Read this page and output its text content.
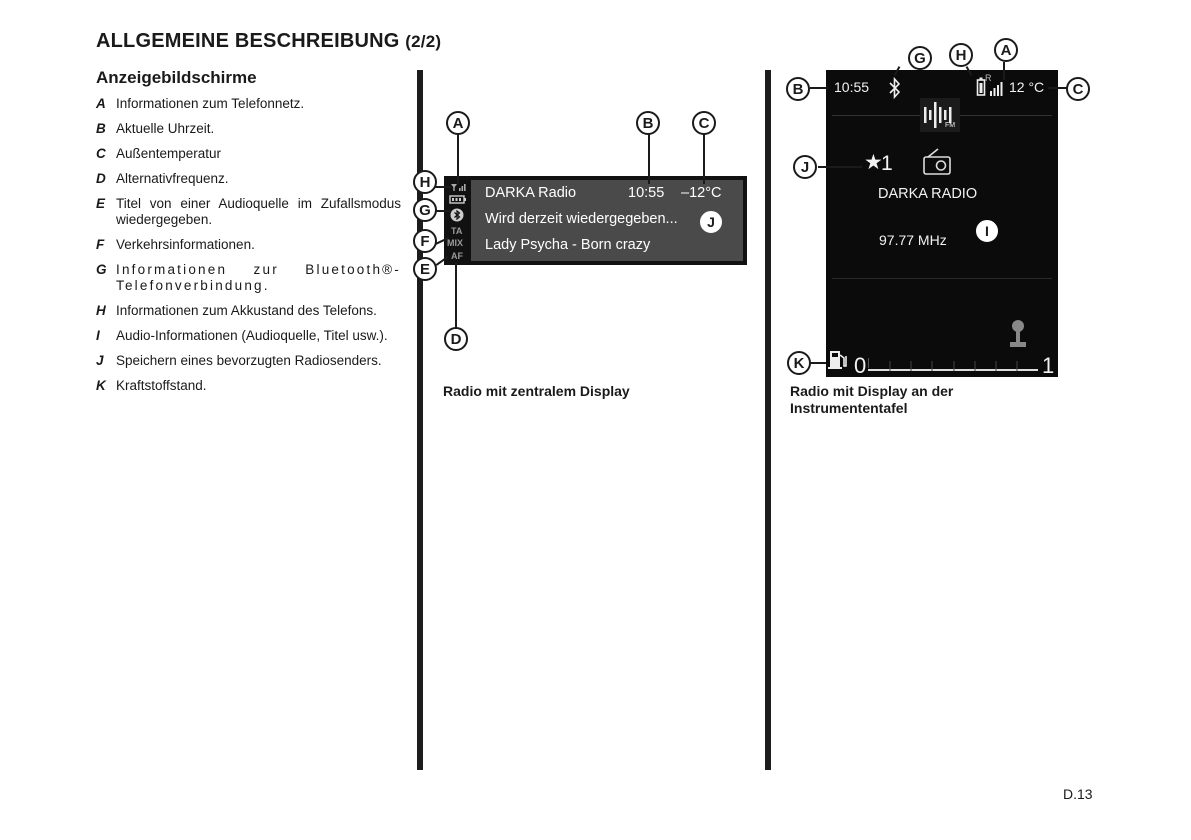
ALLGEMEINE BESCHREIBUNG (2/2)
Anzeigebildschirme
A Informationen zum Telefonnetz.
B Aktuelle Uhrzeit.
C Außentemperatur
D Alternativfrequenz.
E Titel von einer Audioquelle im Zufallsmodus wiedergegeben.
F Verkehrsinformationen.
G Informationen zur Bluetooth®-Telefonverbindung.
H Informationen zum Akkustand des Telefons.
I	Audio-Informationen (Audioquelle, Titel usw.).
J Speichern eines bevorzugten Radiosenders.
K Kraftstoffstand.
DARKA Radio	10:55 –12°C
Wird derzeit wiedergegeben...
Lady Psycha - Born crazy
TA
MIX
AF
A	B	C
H
G
F
E
D
J
Radio mit zentralem Display
10:55
R
12 °C
FM
★
1
DARKA RADIO
97.77 MHz
I
0	1
B	C
G	H	A
J
K
Radio mit Display an der
Instrumententafel
D.13
